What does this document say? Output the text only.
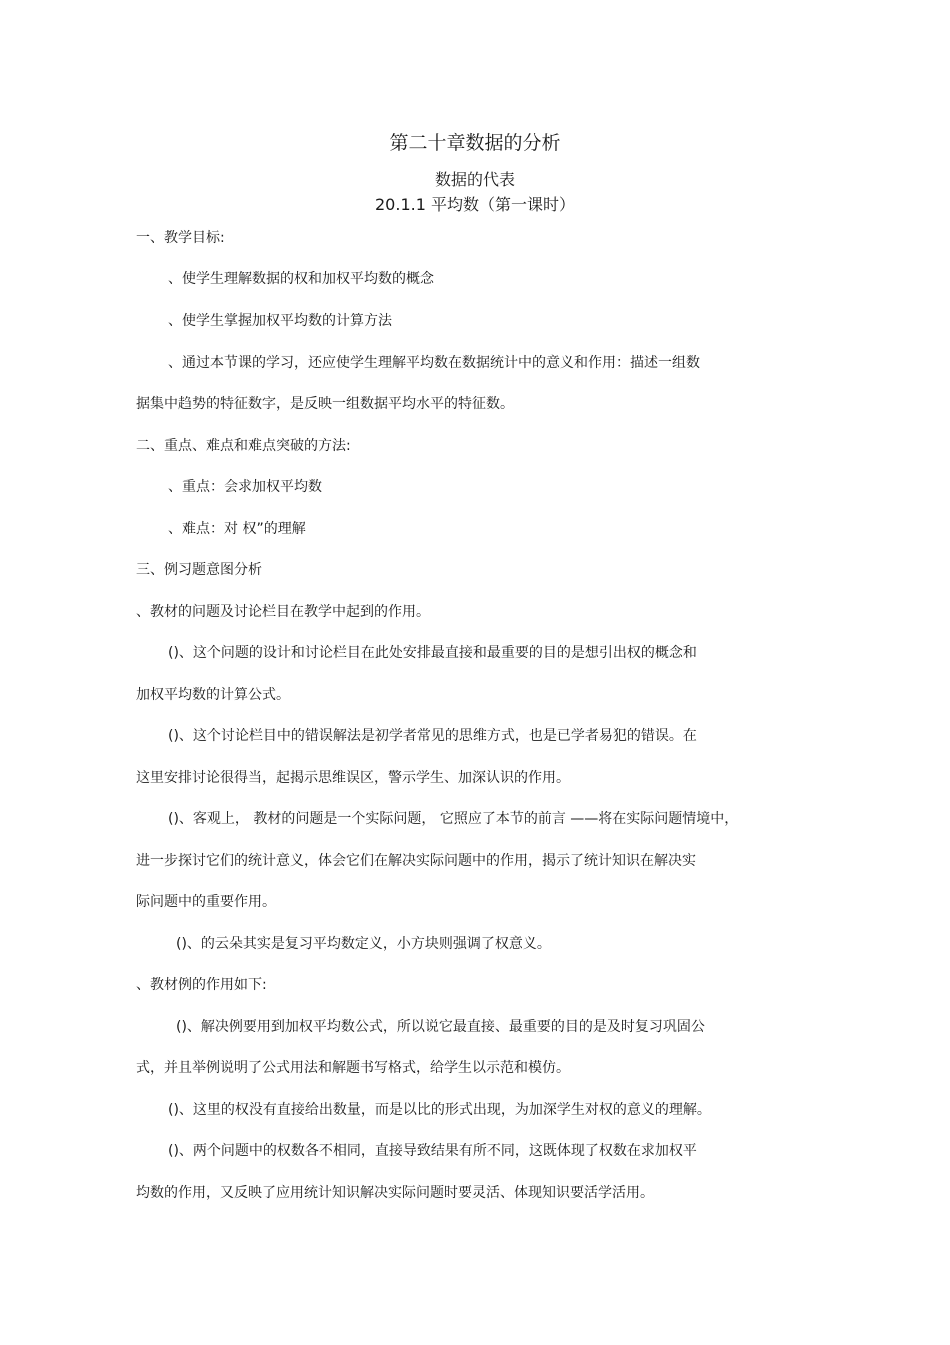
第二十章数据的分析
数据的代表
20.1.1 平均数（第一课时）
一、教学目标:
、使学生理解数据的权和加权平均数的概念
、使学生掌握加权平均数的计算方法
、通过本节课的学习，还应使学生理解平均数在数据统计中的意义和作用：描述一组数
据集中趋势的特征数字，是反映一组数据平均水平的特征数。
二、重点、难点和难点突破的方法:
、重点：会求加权平均数
、难点：对 权”的理解
三、例习题意图分析
、教材的问题及讨论栏目在教学中起到的作用。
()、这个问题的设计和讨论栏目在此处安排最直接和最重要的目的是想引出权的概念和
加权平均数的计算公式。
()、这个讨论栏目中的错误解法是初学者常见的思维方式，也是已学者易犯的错误。在
这里安排讨论很得当，起揭示思维误区，警示学生、加深认识的作用。
()、客观上， 教材的问题是一个实际问题， 它照应了本节的前言 ——将在实际问题情境中，
进一步探讨它们的统计意义，体会它们在解决实际问题中的作用，揭示了统计知识在解决实
际问题中的重要作用。
()、的云朵其实是复习平均数定义，小方块则强调了权意义。
、教材例的作用如下:
()、解决例要用到加权平均数公式，所以说它最直接、最重要的目的是及时复习巩固公
式，并且举例说明了公式用法和解题书写格式，给学生以示范和模仿。
()、这里的权没有直接给出数量，而是以比的形式出现，为加深学生对权的意义的理解。
()、两个问题中的权数各不相同，直接导致结果有所不同，这既体现了权数在求加权平
均数的作用，又反映了应用统计知识解决实际问题时要灵活、体现知识要活学活用。
